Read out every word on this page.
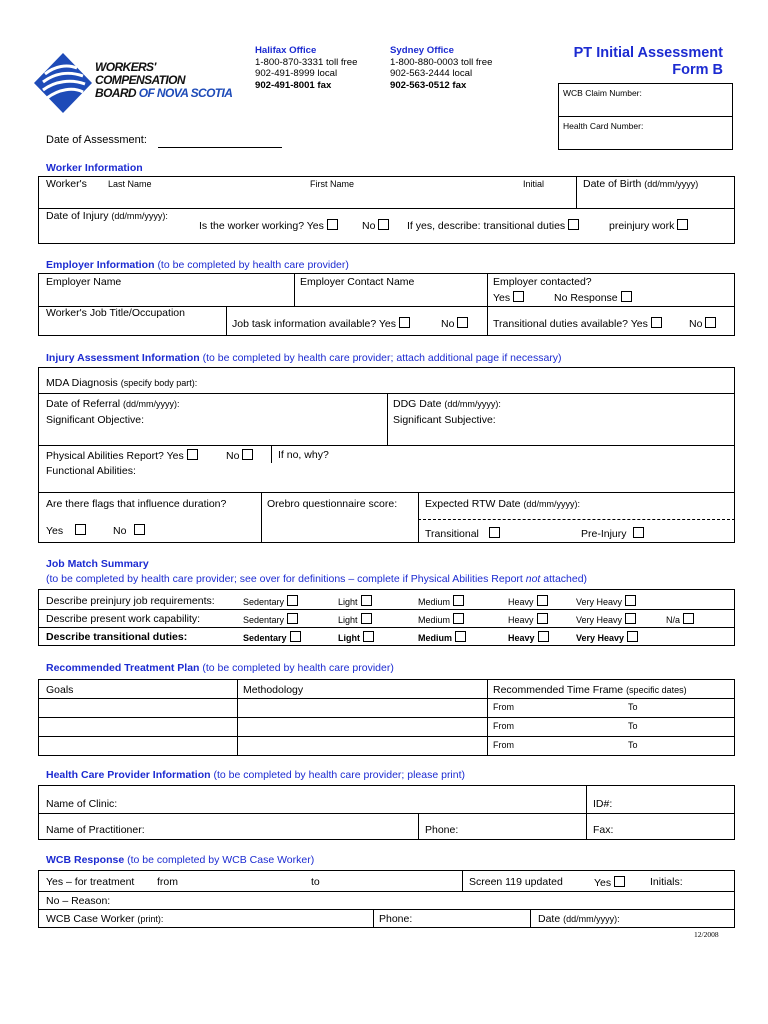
WORKERS'
COMPENSATION
BOARD OF NOVA SCOTIA
Halifax Office
1-800-870-3331 toll free
902-491-8999 local
902-491-8001 fax
Sydney Office
1-800-880-0003 toll free
902-563-2444 local
902-563-0512 fax
PT Initial Assessment
Form B
WCB Claim Number:
Health Card Number:
Date of Assessment:
Worker Information
Worker's Last Name	First Name	Initial	Date of Birth (dd/mm/yyyy)
Date of Injury (dd/mm/yyyy):
Is the worker working? Yes	No	If yes, describe: transitional duties	preinjury work
Employer Information (to be completed by health care provider)
Employer Name	Employer Contact Name	Employer contacted?
Yes	No Response
Worker's Job Title/Occupation
Job task information available? Yes	No	Transitional duties available? Yes	No
Injury Assessment Information (to be completed by health care provider; attach additional page if necessary)
MDA Diagnosis (specify body part):
Date of Referral (dd/mm/yyyy):	DDG Date (dd/mm/yyyy):
Significant Objective:	Significant Subjective:
Physical Abilities Report? Yes	No	If no, why?
Functional Abilities:
Are there flags that influence duration?
Yes	No
Orebro questionnaire score:	Expected RTW Date (dd/mm/yyyy):
Transitional	Pre-Injury
Job Match Summary
(to be completed by health care provider; see over for definitions – complete if Physical Abilities Report not attached)
Describe preinjury job requirements:	Sedentary	Light	Medium	Heavy	Very Heavy
Describe present work capability:	Sedentary	Light	Medium	Heavy	Very Heavy	N/a
Describe transitional duties:	Sedentary	Light	Medium	Heavy	Very Heavy
Recommended Treatment Plan (to be completed by health care provider)
Goals	Methodology	Recommended Time Frame (specific dates)
From	To
From	To
From	To
Health Care Provider Information (to be completed by health care provider; please print)
Name of Clinic:	ID#:
Name of Practitioner:	Phone:	Fax:
WCB Response (to be completed by WCB Case Worker)
Yes – for treatment from	to	Screen 119 updated	Yes	Initials:
No – Reason:
WCB Case Worker (print):	Phone:	Date (dd/mm/yyyy):
12/2008
